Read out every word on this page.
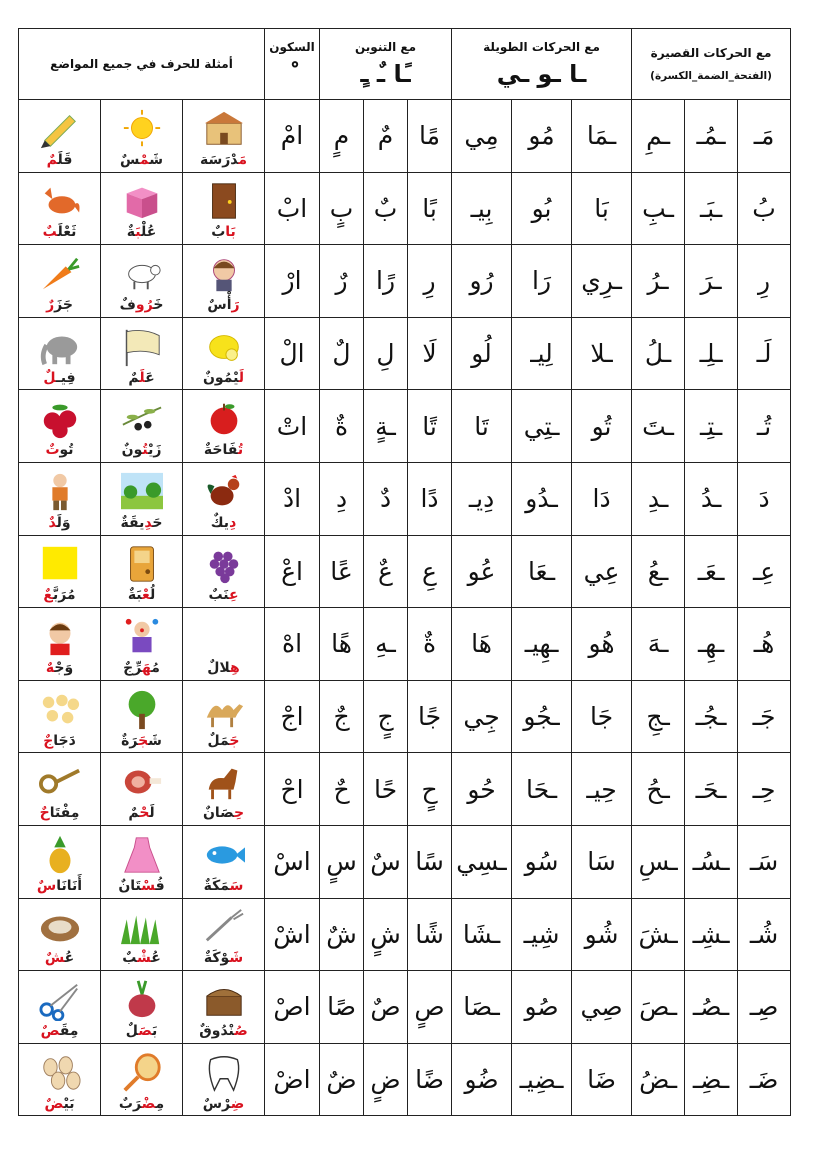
مع الحركات القصيرة
(الفتحة_الضمة_الكسرة)			مع الحركات الطويلة
ـا ـو ـي			مع التنوين
ـًا ـٌ ـٍ			السكون
ْ	أمثلة للحرف في جميع المواضع		
مَـ	ـمُـ	ـمِ	ـمَا	مُو	مِي	مًا	مٌ	مٍ	امْ	مَدْرَسَة	شَمْسٌ	قَلَمٌ

بُ	ـبَـ	ـبِ	بَا	بُو	بِيـ	بًا	بٌ	بٍ	ابْ	بَابٌ	عُلْبَةٌ	ثَعْلَبٌ

رِ	ـرَ	ـرُ	ـرِي	رَا	رُو	رِ	رًا	رٌ	ارْ	رَأْسٌ	خَرُوفٌ	جَزَرٌ

لَـ	ـلِـ	ـلُ	ـلا	لِيـ	لُو	لَا	لِ	لٌ	الْ	لَيْمُونٌ	عَلَمٌ	فِيـلٌ

تُـ	ـتِـ	ـتَ	تُو	ـتِي	تَا	تًا	ـةٍ	ةٌ	اتْ	تُفَاحَةٌ	زَيْتُونٌ	تُوتٌ

دَ	ـدُ	ـدِ	دَا	ـدُو	دِيـ	دًا	دٌ	دِ	ادْ	دِيكٌ	حَدِيقَةٌ	وَلَدٌ

عِـ	ـعَـ	ـعُ	عِي	ـعَا	عُو	عِ	عٌ	عًا	اعْ	عِنَبٌ	لُعْبَةٌ	مُرَبَّعٌ

هُـ	ـهِـ	ـهَ	هُو	ـهِيـ	هَا	ةٌ	ـهِ	هًا	اهْ	هِلالٌ	مُهَرِّجٌ	وَجْهٌ

جَـ	ـجُـ	ـجِ	جَا	ـجُو	جِي	جًا	جٍ	جٌ	اجْ	جَمَلٌ	شَجَرَةٌ	دَجَاجٌ

حِـ	ـحَـ	ـحُ	حِيـ	ـحَا	حُو	حٍ	حًا	حٌ	احْ	حِصَانٌ	لَحْمٌ	مِفْتَاحٌ

سَـ	ـسُـ	ـسِ	سَا	سُو	ـسِي	سًا	سٌ	سٍ	اسْ	سَمَكَةٌ	فُسْتَانٌ	أَنَانَاسٌ

شُـ	ـشِـ	ـشَ	شُو	شِيـ	ـشَا	شًا	شٍ	شٌ	اشْ	شَوْكَةٌ	عُشْبٌ	عُشٌ

صِـ	ـصُـ	ـصَ	صِي	صُو	ـصَا	صٍ	صٌ	صًا	اصْ	صُنْدُوقٌ	بَصَلٌ	مِقَصٌ

ضَـ	ـضِـ	ـضُ	ضَا	ـضِيـ	ضُو	ضًا	ضٍ	ضٌ	اضْ	ضِرْسٌ	مِضْرَبٌ	بَيْضٌ
